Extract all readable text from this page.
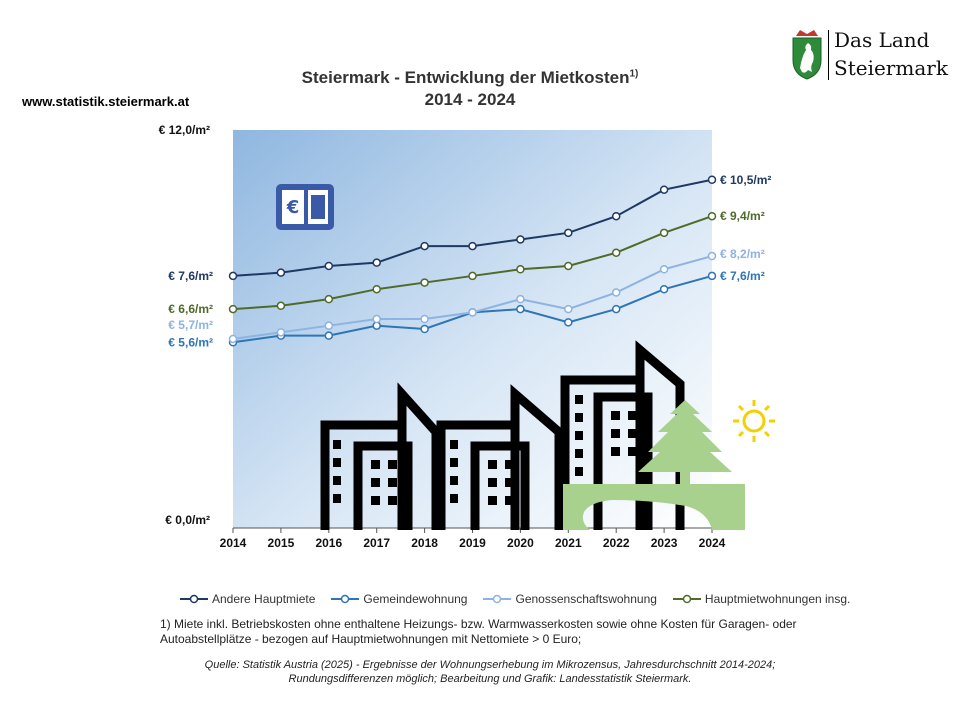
www.statistik.steiermark.at
Das Land
Steiermark
Steiermark - Entwicklung der Mietkosten$^{1)}$
2014 - 2024
€
2014 2015 2016 2017 2018 2019 2020 2021 2022 2023 2024
€ 7,6/m²
€ 10,5/m²
€ 5,6/m²
€ 7,6/m²
€ 5,7/m²
€ 8,2/m²
€ 6,6/m²
€ 9,4/m²
€ 12,0/m²
€ 0,0/m²
Andere Hauptmiete	Gemeindewohnung	Genossenschaftswohnung	Hauptmietwohnungen insg.
1) Miete inkl. Betriebskosten ohne enthaltene Heizungs- bzw. Warmwasserkosten sowie ohne Kosten für Garagen- oder Autoabstellplätze - bezogen auf Hauptmietwohnungen mit Nettomiete > 0 Euro;
Quelle: Statistik Austria (2025) - Ergebnisse der Wohnungserhebung im Mikrozensus, Jahresdurchschnitt 2014-2024; Rundungsdifferenzen möglich; Bearbeitung und Grafik: Landesstatistik Steiermark.
